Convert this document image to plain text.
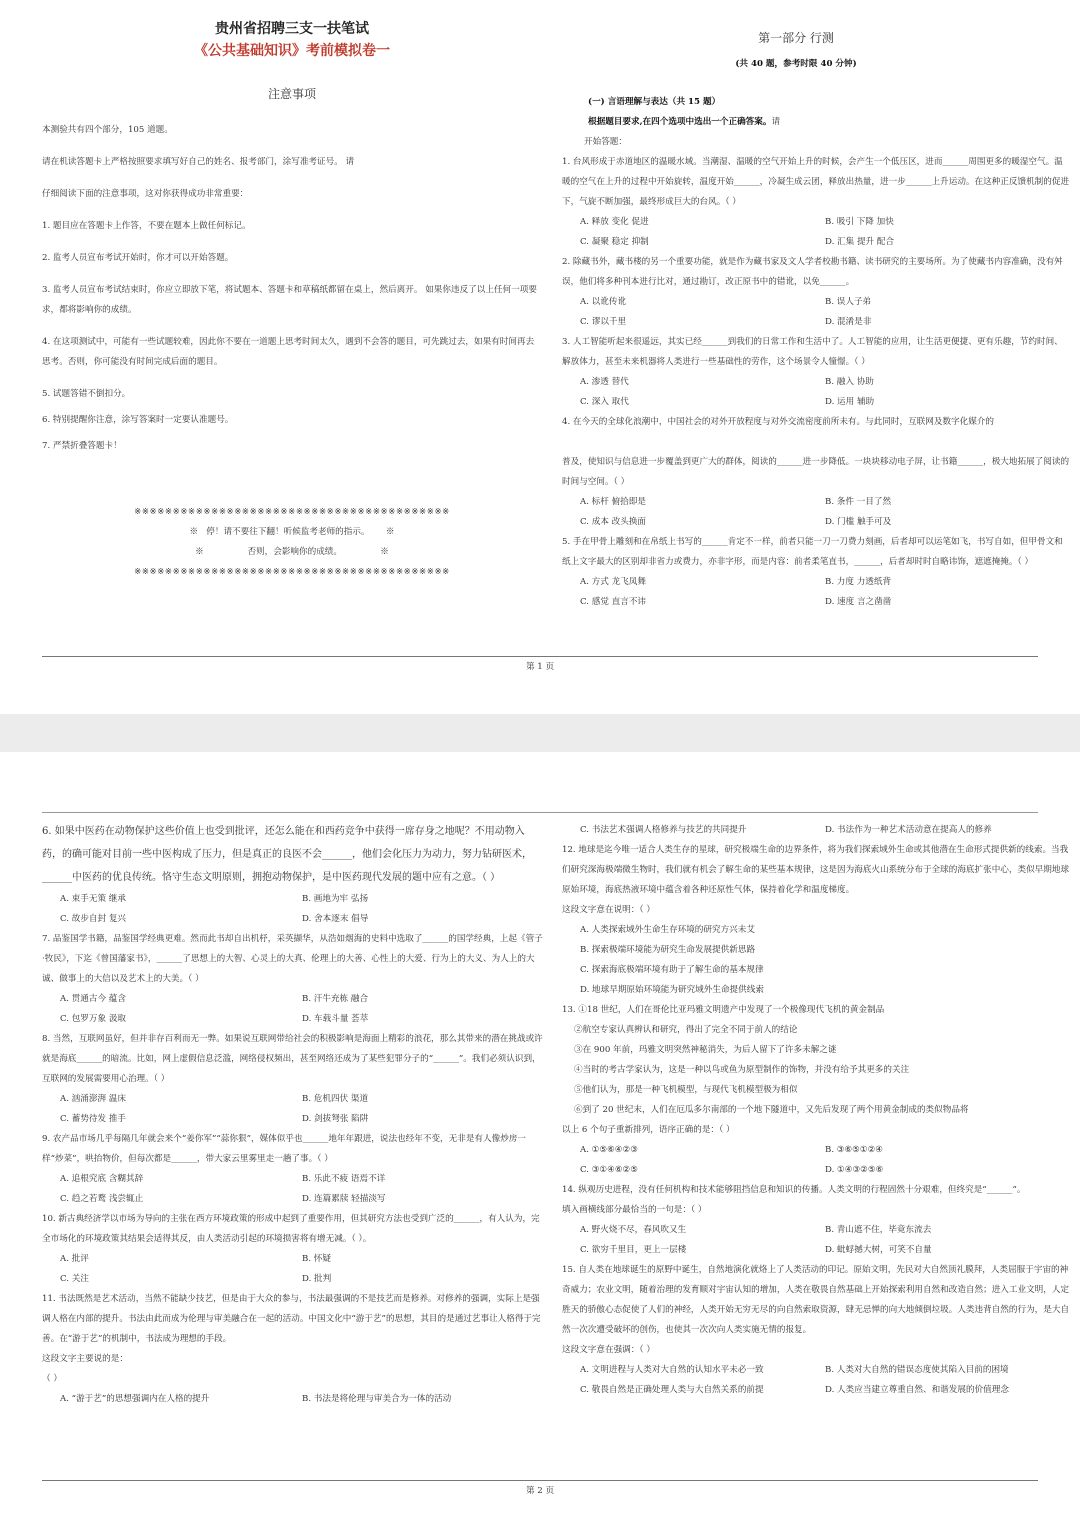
贵州省招聘三支一扶笔试

《公共基础知识》考前模拟卷一

注意事项

本测验共有四个部分，105 道题。

请在机读答题卡上严格按照要求填写好自己的姓名、报考部门，涂写准考证号。 请

仔细阅读下面的注意事项，这对你获得成功非常重要：

1. 题目应在答题卡上作答，不要在题本上做任何标记。

2. 监考人员宣布考试开始时，你才可以开始答题。

3. 监考人员宣布考试结束时，你应立即放下笔，将试题本、答题卡和草稿纸都留在桌上，然后离开。 如果你违反了以上任何一项要求，都将影响你的成绩。

4. 在这项测试中，可能有一些试题较难，因此你不要在一道题上思考时间太久，遇到不会答的题目，可先跳过去，如果有时间再去思考。否则，你可能没有时间完成后面的题目。

5. 试题答错不倒扣分。

6. 特别提醒你注意，涂写答案时一定要认准题号。

7. 严禁折叠答题卡！

※※※※※※※※※※※※※※※※※※※※※※※※※※※※※※※※※※※※※※※※※

※   停！请不要往下翻！听候监考老师的指示。      ※

※                否则，会影响你的成绩。              ※

※※※※※※※※※※※※※※※※※※※※※※※※※※※※※※※※※※※※※※※※※

第一部分 行测

(共 40 题，参考时限 40 分钟)

(一) 言语理解与表达（共 15 题）

根据题目要求,在四个选项中选出一个正确答案。请

开始答题：

1. 台风形成于赤道地区的温暖水域。当潮湿、温暖的空气开始上升的时候，会产生一个低压区，进而______周围更多的暖湿空气。温暖的空气在上升的过程中开始旋转，温度开始______，冷凝生成云团，释放出热量，进一步______上升运动。在这种正反馈机制的促进下，气旋不断加强，最终形成巨大的台风。（ ）

A. 释放 变化 促进	B. 吸引 下降 加快
C. 凝聚 稳定 抑制	D. 汇集 提升 配合

2. 除藏书外，藏书楼的另一个重要功能，就是作为藏书家及文人学者校勘书籍、读书研究的主要场所。为了使藏书内容准确，没有舛误，他们将多种刊本进行比对，通过勘订，改正原书中的错讹，以免______。

A. 以讹传讹	B. 误人子弟
C. 谬以千里	D. 混淆是非

3. 人工智能听起来很遥远，其实已经______到我们的日常工作和生活中了。人工智能的应用，让生活更便捷、更有乐趣，节约时间、解放体力，甚至未来机器将人类进行一些基础性的劳作，这个场景令人憧憬。（ ）

A. 渗透 替代	B. 融入 协助
C. 深入 取代	D. 运用 辅助

4. 在今天的全球化浪潮中，中国社会的对外开放程度与对外交流密度前所未有。与此同时，互联网及数字化媒介的

普及，使知识与信息进一步覆盖到更广大的群体，阅读的______进一步降低。一块块移动电子屏，让书籍______，极大地拓展了阅读的时间与空间。（ ）

A. 标杆 俯拾即是	B. 条件 一目了然
C. 成本 改头换面	D. 门槛 触手可及

5. 手在甲骨上雕刻和在帛纸上书写的______肯定不一样，前者只能一刀一刀费力刻画，后者却可以运笔如飞，书写自如，但甲骨文和纸上文字最大的区别却非省力或费力，亦非字形，而是内容：前者柔笔直书，______，后者却时时自略讳饰，遮遮掩掩。（ ）

A. 方式 龙飞凤舞	B. 力度 力透纸背
C. 感觉 直言不讳	D. 速度 言之凿凿
第 1 页

6. 如果中医药在动物保护这些价值上也受到批评，还怎么能在和西药竞争中获得一席存身之地呢？不用动物入药，的确可能对目前一些中医构成了压力，但是真正的良医不会______，他们会化压力为动力，努力钻研医术，______中医药的优良传统。恪守生态文明原则，拥抱动物保护，是中医药现代发展的题中应有之意。（ ）

A. 束手无策 继承	B. 画地为牢 弘扬
C. 故步自封 复兴	D. 舍本逐末 倡导

7. 品鉴国学书籍，品鉴国学经典更难。然而此书却自出机杼，采英撷华，从浩如烟海的史料中选取了______的国学经典，上起《管子·牧民》，下迄《曾国藩家书》，______了思想上的大智、心灵上的大真、伦理上的大善、心性上的大爱、行为上的大义、为人上的大诚、做事上的大信以及艺术上的大美。（ ）

A. 贯通古今 蕴含	B. 汗牛充栋 融合
C. 包罗万象 汲取	D. 车载斗量 荟萃

8. 当然，互联网虽好，但并非存百利而无一弊。如果说互联网带给社会的积极影响是海面上精彩的浪花，那么其带来的潜在挑战或许就是海底______的暗流。比如，网上虚假信息泛滥，网络侵权频出，甚至网络还成为了某些犯罪分子的“______”。我们必须认识到，互联网的发展需要用心治理。（ ）

A. 汹涌澎湃 温床	B. 危机四伏 渠道
C. 蓄势待发 推手	D. 剑拔弩张 陷阱

9. 农产品市场几乎每隔几年就会来个“姜你军”“蒜你狠”，媒体似乎也______地年年跟进，说法也经年不变，无非是有人像炒房一样“炒菜”，哄抬物价，但每次都是______，带大家云里雾里走一趟了事。（ ）

A. 追根究底 含糊其辞	B. 乐此不疲 语焉不详
C. 趋之若鹜 浅尝辄止	D. 连篇累牍 轻描淡写

10. 新古典经济学以市场为导向的主张在西方环境政策的形成中起到了重要作用，但其研究方法也受到广泛的______，有人认为，完全市场化的环境政策其结果会适得其反，由人类活动引起的环境损害将有增无减。（ ）。

A. 批评	B. 怀疑
C. 关注	D. 批判

11. 书法既然是艺术活动，当然不能缺少技艺，但是由于大众的参与，书法最强调的不是技艺而是修养。对修养的强调，实际上是强调人格在内部的提升。书法由此而成为伦理与审美融合在一起的活动。中国文化中“游于艺”的思想，其目的是通过艺事让人格得于完善。在“游于艺”的机制中，书法成为理想的手段。

这段文字主要说的是：

（ ）

A. “游于艺”的思想强调内在人格的提升	B. 书法是将伦理与审美合为一体的活动
C. 书法艺术强调人格修养与技艺的共同提升	D. 书法作为一种艺术活动意在提高人的修养

12. 地球是迄今唯一适合人类生存的星球，研究极端生命的边界条件，将为我们探索域外生命或其他潜在生命形式提供新的线索。当我们研究深海极端微生物时，我们就有机会了解生命的某些基本规律，这是因为海底火山系统分布于全球的海底扩张中心，类似早期地球原始环境，海底热液环境中蕴含着各种还原性气体，保持着化学和温度梯度。

这段文字意在说明：（ ）

A. 人类探索域外生命生存环境的研究方兴未艾

B. 探索极端环境能为研究生命发展提供新思路

C. 探索海底极端环境有助于了解生命的基本规律

D. 地球早期原始环境能为研究域外生命提供线索

13. ①18 世纪，人们在哥伦比亚玛雅文明遗产中发现了一个极像现代飞机的黄金制品

②航空专家认真辨认和研究，得出了完全不同于前人的结论

③在 900 年前，玛雅文明突然神秘消失，为后人留下了许多未解之谜

④当时的考古学家认为，这是一种以鸟或鱼为原型制作的饰物，并没有给予其更多的关注

⑤他们认为，那是一种飞机模型，与现代飞机模型极为相似

⑥到了 20 世纪末，人们在厄瓜多尔南部的一个地下隧道中，又先后发现了两个用黄金制成的类似物品将

以上 6 个句子重新排列，语序正确的是：（ ）

A. ①⑤⑥④②③	B. ③⑥⑤①②④
C. ③①④⑥②⑤	D. ①④③②⑤⑥

14. 纵观历史进程，没有任何机构和技术能够阻挡信息和知识的传播。人类文明的行程固然十分艰难，但终究是“______”。

填入画横线部分最恰当的一句是：（ ）

A. 野火烧不尽，春风吹又生	B. 青山遮不住，毕竟东流去
C. 欲穷千里目，更上一层楼	D. 蚍蜉撼大树，可笑不自量

15. 自人类在地球诞生的原野中诞生，自然地演化就烙上了人类活动的印记。原始文明，先民对大自然顶礼膜拜，人类屈服于宇宙的神奇威力；农业文明，随着治理的发育顺对宇宙认知的增加，人类在敬畏自然基础上开始探索利用自然和改造自然；进入工业文明，人定胜天的骄傲心态促使了人们的神经，人类开始无穷无尽的向自然索取资源，肆无忌惮的向大地倾倒垃圾。人类违背自然的行为，是大自然一次次遭受破坏的创伤，也使其一次次向人类实施无情的报复。

这段文字意在强调：（ ）

A. 文明进程与人类对大自然的认知水平未必一致	B. 人类对大自然的错误态度使其陷入目前的困境
C. 敬畏自然是正确处理人类与大自然关系的前提	D. 人类应当建立尊重自然、和谐发展的价值理念
第 2 页
